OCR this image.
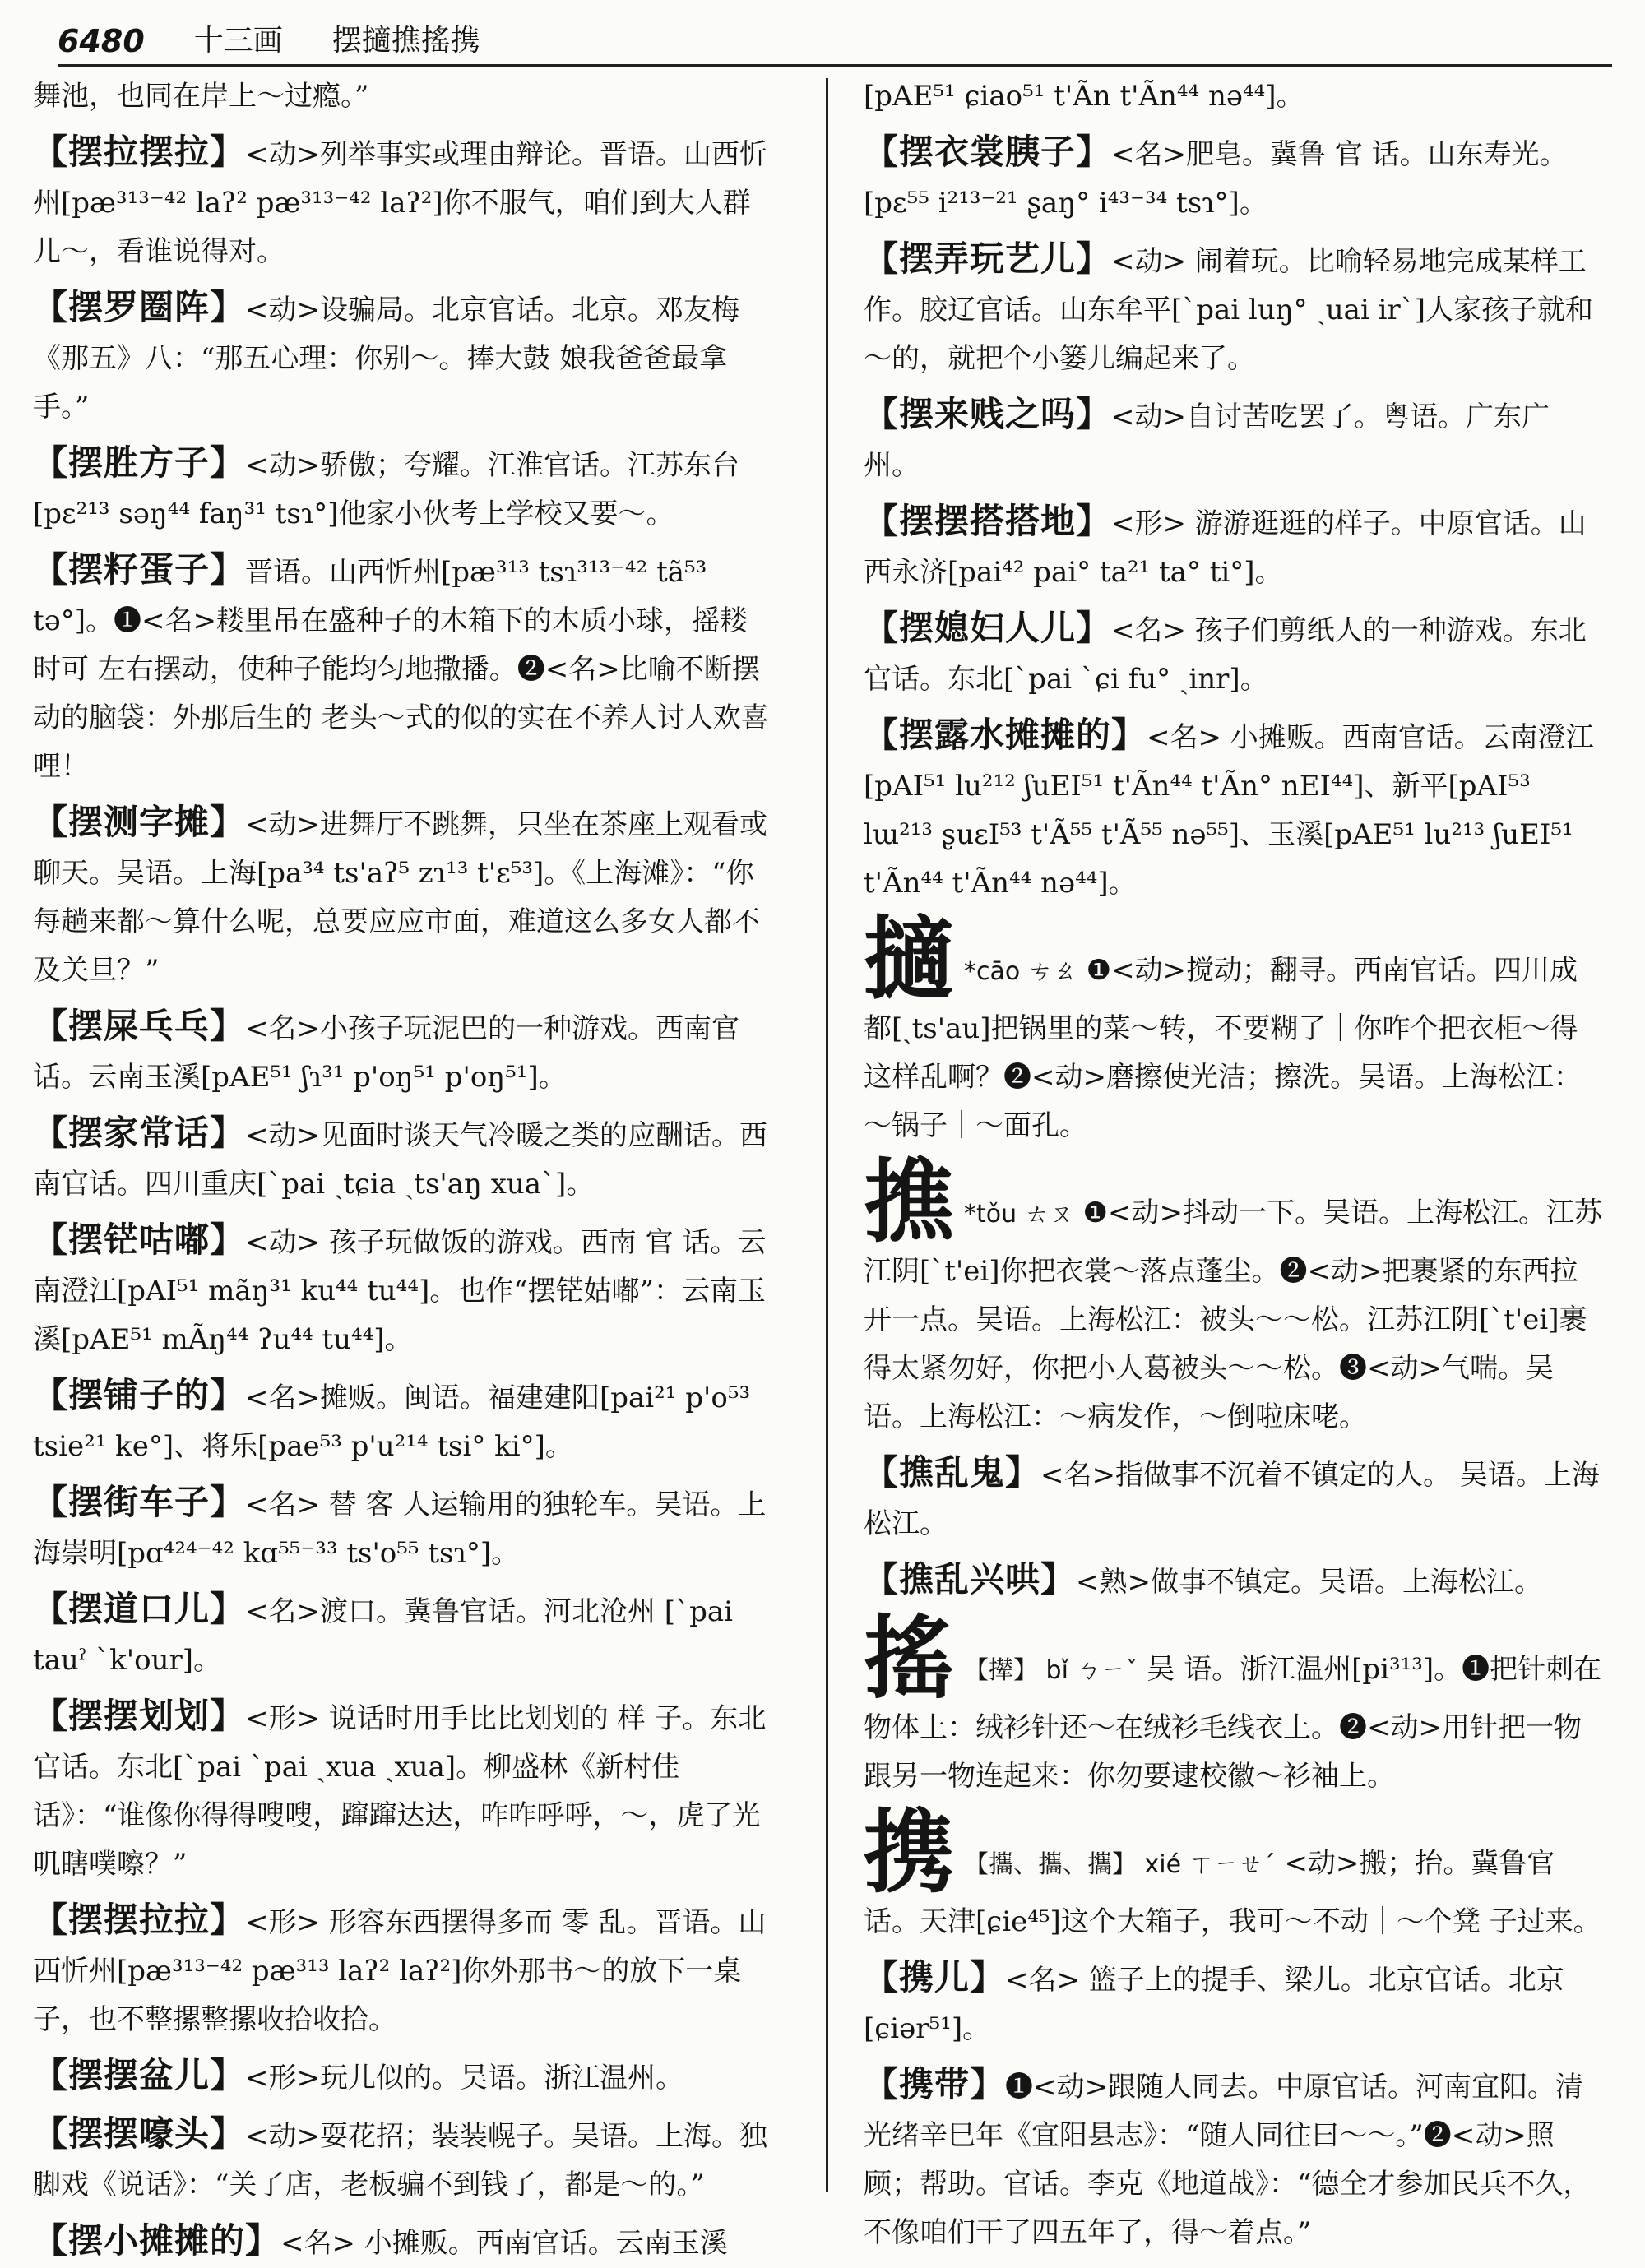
6480 十三画 摆擿撨搖携

舞池，也同在岸上～过瘾。”

【摆拉摆拉】<动>列举事实或理由辩论。晋语。山西忻州[pæ³¹³⁻⁴² laʔ² pæ³¹³⁻⁴² laʔ²]你不服气，咱们到大人群儿～，看谁说得对。

【摆罗圈阵】<动>设骗局。北京官话。北京。邓友梅《那五》八：“那五心理：你别～。捧大鼓 娘我爸爸最拿手。”

【摆胜方子】<动>骄傲；夸耀。江淮官话。江苏东台[pɛ²¹³ səŋ⁴⁴ faŋ³¹ tsɿ°]他家小伙考上学校又要～。

【摆籽蛋子】晋语。山西忻州[pæ³¹³ tsɿ³¹³⁻⁴² tã⁵³ tə°]。❶<名>耧里吊在盛种子的木箱下的木质小球，摇耧时可 左右摆动，使种子能均匀地撒播。❷<名>比喻不断摆动的脑袋：外那后生的 老头～式的似的实在不养人讨人欢喜哩！

【摆测字摊】<动>进舞厅不跳舞，只坐在茶座上观看或聊天。吴语。上海[pa³⁴ ts'aʔ⁵ zɿ¹³ t'ɛ⁵³]。《上海滩》：“你每趟来都～算什么呢，总要应应市面，难道这么多女人都不及关旦？”

【摆屎乓乓】<名>小孩子玩泥巴的一种游戏。西南官话。云南玉溪[pAE⁵¹ ʃɿ³¹ p'oŋ⁵¹ p'oŋ⁵¹]。

【摆家常话】<动>见面时谈天气冷暖之类的应酬话。西南官话。四川重庆[ˋpai ˏtɕia ˏts'aŋ xuaˋ]。

【摆铓咕嘟】<动> 孩子玩做饭的游戏。西南 官 话。云南澄江[pAI⁵¹ mãŋ³¹ ku⁴⁴ tu⁴⁴]。也作“摆铓姑嘟”：云南玉溪[pAE⁵¹ mÃŋ⁴⁴ ʔu⁴⁴ tu⁴⁴]。

【摆铺子的】<名>摊贩。闽语。福建建阳[pai²¹ p'o⁵³ tsie²¹ ke°]、将乐[pae⁵³ p'u²¹⁴ tsi° ki°]。

【摆街车子】<名> 替 客 人运输用的独轮车。吴语。上海崇明[pɑ⁴²⁴⁻⁴² kɑ⁵⁵⁻³³ ts'o⁵⁵ tsɿ°]。

【摆道口儿】<名>渡口。冀鲁官话。河北沧州 [ˋpai tauˀ ˋk'our]。

【摆摆划划】<形> 说话时用手比比划划的 样 子。东北官话。东北[ˋpai ˋpai ˏxua ˏxua]。柳盛林《新村佳话》：“谁像你得得嗖嗖，蹿蹿达达，咋咋呼呼，～，虎了光叽瞎噗嚓？”

【摆摆拉拉】<形> 形容东西摆得多而 零 乱。晋语。山西忻州[pæ³¹³⁻⁴² pæ³¹³ laʔ² laʔ²]你外那书～的放下一桌子，也不整摞整摞收拾收拾。

【摆摆盆儿】<形>玩儿似的。吴语。浙江温州。

【摆摆嚎头】<动>耍花招；装装幌子。吴语。上海。独脚戏《说话》：“关了店，老板骗不到钱了，都是～的。”

【摆小摊摊的】<名> 小摊贩。西南官话。云南玉溪

[pAE⁵¹ ɕiao⁵¹ t'Ãn t'Ãn⁴⁴ nə⁴⁴]。

【摆衣裳胰子】<名>肥皂。冀鲁 官 话。山东寿光。[pɛ⁵⁵ i²¹³⁻²¹ ʂaŋ° i⁴³⁻³⁴ tsɿ°]。

【摆弄玩艺儿】<动> 闹着玩。比喻轻易地完成某样工作。胶辽官话。山东牟平[ˋpai luŋ° ˏuai irˋ]人家孩子就和～的，就把个小篓儿编起来了。

【摆来贱之吗】<动>自讨苦吃罢了。粤语。广东广州。

【摆摆搭搭地】<形> 游游逛逛的样子。中原官话。山西永济[pai⁴² pai° ta²¹ ta° ti°]。

【摆媳妇人儿】<名> 孩子们剪纸人的一种游戏。东北官话。东北[ˋpai ˋɕi fu° ˏinr]。

【摆露水摊摊的】<名> 小摊贩。西南官话。云南澄江[pAI⁵¹ lu²¹² ʃuEI⁵¹ t'Ãn⁴⁴ t'Ãn° nEI⁴⁴]、新平[pAI⁵³ lɯ²¹³ ʂuɛI⁵³ t'Ã⁵⁵ t'Ã⁵⁵ nə⁵⁵]、玉溪[pAE⁵¹ lu²¹³ ʃuEI⁵¹ t'Ãn⁴⁴ t'Ãn⁴⁴ nə⁴⁴]。

擿 *cāo ㄘㄠ ❶<动>搅动；翻寻。西南官话。四川成都[ˏts'au]把锅里的菜～转，不要糊了｜你咋个把衣柜～得这样乱啊？❷<动>磨擦使光洁；擦洗。吴语。上海松江：～锅子｜～面孔。

撨 *tǒu ㄊㄡ ❶<动>抖动一下。吴语。上海松江。江苏江阴[ˋt'ei]你把衣裳～落点蓬尘。❷<动>把裹紧的东西拉开一点。吴语。上海松江：被头～～松。江苏江阴[ˋt'ei]裹得太紧勿好，你把小人葛被头～～松。❸<动>气喘。吴语。上海松江：～病发作，～倒啦床咾。

【撨乱鬼】<名>指做事不沉着不镇定的人。 吴语。上海松江。

【撨乱兴哄】<熟>做事不镇定。吴语。上海松江。

搖 【撵】 bǐ ㄅㄧˇ 吴 语。浙江温州[pi³¹³]。❶把针刺在物体上：绒衫针还～在绒衫毛线衣上。❷<动>用针把一物跟另一物连起来：你勿要逮校徽～衫袖上。

携 【攜、攜、攜】 xié ㄒㄧㄝˊ <动>搬；抬。冀鲁官话。天津[ɕie⁴⁵]这个大箱子，我可～不动｜～个凳 子过来。

【携儿】<名> 篮子上的提手、梁儿。北京官话。北京[ɕiər⁵¹]。

【携带】❶<动>跟随人同去。中原官话。河南宜阳。清光绪辛巳年《宜阳县志》：“随人同往曰～～。”❷<动>照顾；帮助。官话。李克《地道战》：“德全才参加民兵不久，不像咱们干了四五年了，得～着点。”
